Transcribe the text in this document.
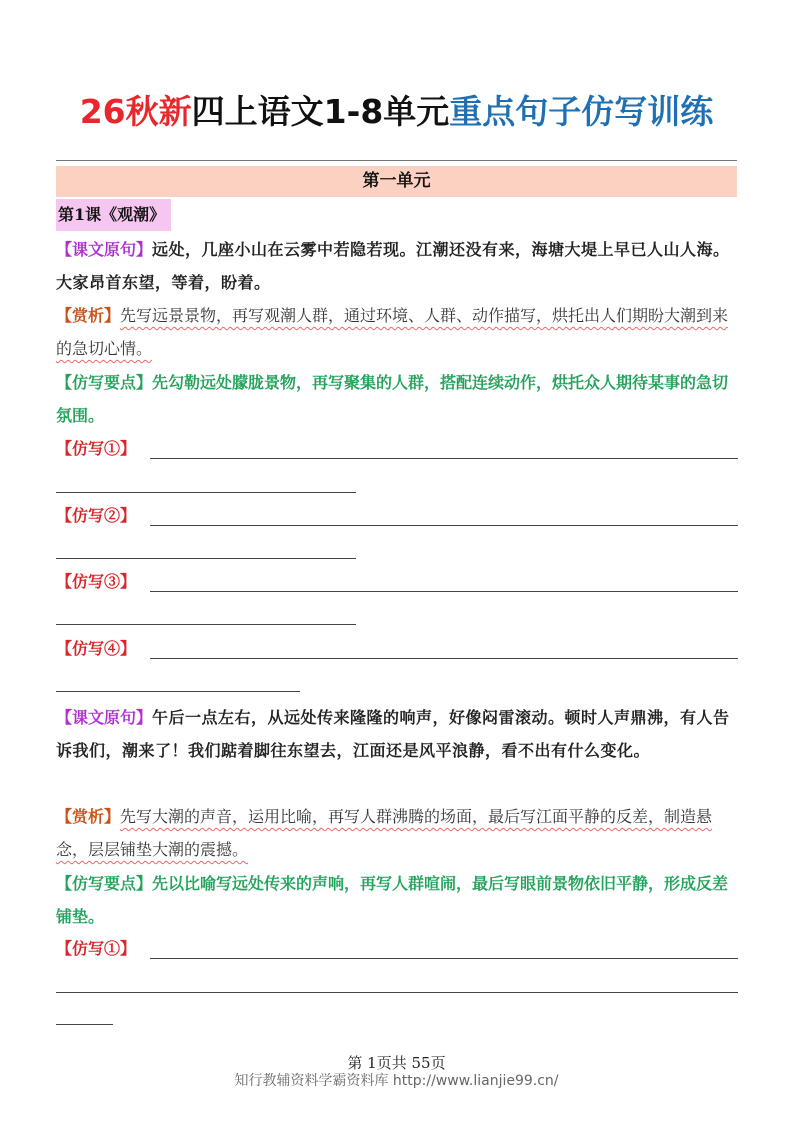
26秋新四上语文1-8单元重点句子仿写训练
第一单元
第1课《观潮》
【课文原句】远处，几座小山在云雾中若隐若现。江潮还没有来，海塘大堤上早已人山人海。大家昂首东望，等着，盼着。
【赏析】先写远景景物，再写观潮人群，通过环境、人群、动作描写，烘托出人们期盼大潮到来的急切心情。
【仿写要点】先勾勒远处朦胧景物，再写聚集的人群，搭配连续动作，烘托众人期待某事的急切氛围。
【仿写①】
【仿写②】
【仿写③】
【仿写④】
【课文原句】午后一点左右，从远处传来隆隆的响声，好像闷雷滚动。顿时人声鼎沸，有人告诉我们，潮来了！我们踮着脚往东望去，江面还是风平浪静，看不出有什么变化。
【赏析】先写大潮的声音，运用比喻，再写人群沸腾的场面，最后写江面平静的反差，制造悬念，层层铺垫大潮的震撼。
【仿写要点】先以比喻写远处传来的声响，再写人群喧闹，最后写眼前景物依旧平静，形成反差铺垫。
【仿写①】
第 1页共 55页
知行教辅资料学霸资料库 http://www.lianjie99.cn/
